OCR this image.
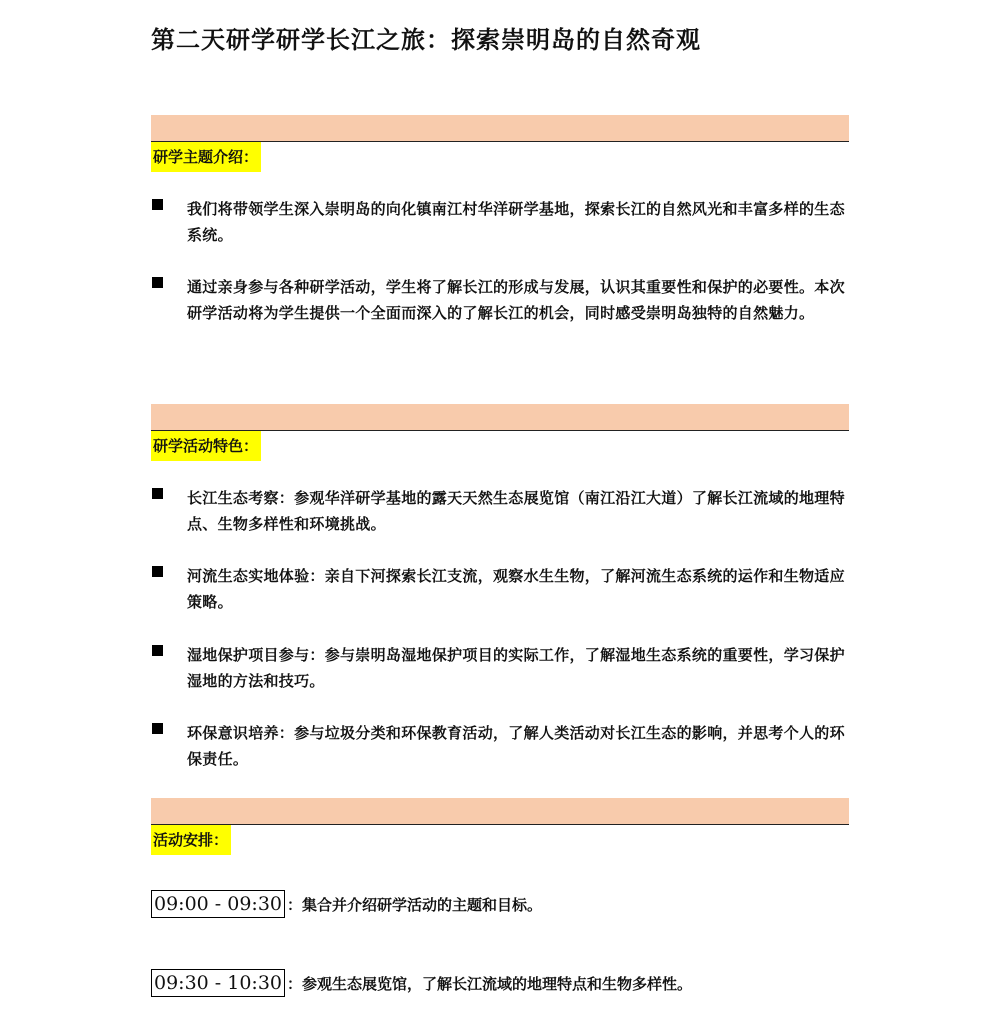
第二天研学研学长江之旅：探索崇明岛的自然奇观
研学主题介绍：
我们将带领学生深入崇明岛的向化镇南江村华洋研学基地，探索长江的自然风光和丰富多样的生态系统。
通过亲身参与各种研学活动，学生将了解长江的形成与发展，认识其重要性和保护的必要性。本次研学活动将为学生提供一个全面而深入的了解长江的机会，同时感受崇明岛独特的自然魅力。
研学活动特色：
长江生态考察：参观华洋研学基地的露天天然生态展览馆（南江沿江大道）了解长江流域的地理特点、生物多样性和环境挑战。
河流生态实地体验：亲自下河探索长江支流，观察水生生物，了解河流生态系统的运作和生物适应策略。
湿地保护项目参与：参与崇明岛湿地保护项目的实际工作，了解湿地生态系统的重要性，学习保护湿地的方法和技巧。
环保意识培养：参与垃圾分类和环保教育活动，了解人类活动对长江生态的影响，并思考个人的环保责任。
活动安排：
09:00 - 09:30 ：集合并介绍研学活动的主题和目标。
09:30 - 10:30 ：参观生态展览馆，了解长江流域的地理特点和生物多样性。
